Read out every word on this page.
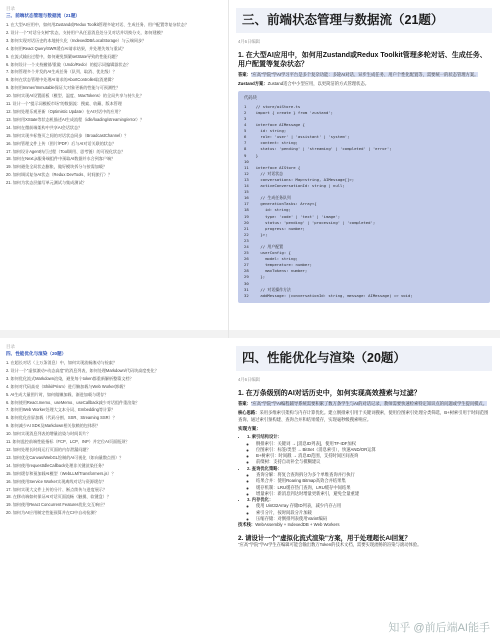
目录
三、前端状态管理与数据流（21题）
1. 在大型AI应用中，如何用Zustand或Redux Toolkit管理多轮对话、生成任务、用户配置等复杂状态？
2. 设计一个"对话分支树"状态，支持用户从任意消息处分叉对话并切换分支，如何建模？
3. 如何实现对话历史的本地持久化（IndexedDB/LocalStorage）与云端同步？
4. 如何用React Query/SWR缓存AI请求结果，并处理失效与重试？
5. 在流式输出过程中，如何避免频繁setState导致的性能问题？
6. 如何设计一个支持撤销/重做（Undo/Redo）的提示词编辑器状态？
7. 如何管理多个并发的AI生成任务（队列、取消、优先级）？
8. 如何在状态管理中处理AI请求的AbortController取消逻辑？
9. 如何用Immer/Immutable保证大对象更新的性能与可预测性？
10. 如何实现AI设置面板（模型、温度、MaxTokens）的全局共享与持久化？
11. 设计一个"提示词模板市场"的数据流：搜索、收藏、版本管理
12. 如何处理乐观更新（Optimistic Update）在AI对话中的应用？
13. 如何用XState等状态机描述AI生成流程（idle/loading/streaming/error）？
14. 如何在微前端架构中共享AI会话状态？
15. 如何实现多标签页之间的对话状态同步（BroadcastChannel）？
16. 如何管理文件上传（图片/PDF）后与AI对话关联的状态？
17. 如何设计Agent执行过程（Tool调用、思考链）的可视化状态？
18. 如何在Next.js服务端组件中预取AI数据并水合到客户端？
19. 如何避免全局状态膨胀，做好模块拆分与按需加载？
20. 如何调试复杂AI状态（Redux DevTools、时间旅行）？
21. 如何为状态层编写单元测试与集成测试？
三、前端状态管理与数据流（21题）
4月6日编辑
1. 在大型AI应用中，如何用Zustand或Redux Toolkit管理多轮对话、生成任务、用户配置等复杂状态？
答案："应高"学院"学AI学习平台是多个复杂功能：多轮AI对话、异步生成任务、用户个性化配置等，需要统一的状态管理方案。
Zustand方案：Zustand适合中小型应用，以更简洁的方式管理状态。
代码块
1    // store/aiStore.ts
2    import { create } from 'zustand';
3
4    interface AIMessage {
5      id: string;
6      role: 'user' | 'assistant' | 'system';
7      content: string;
8      status: 'pending' | 'streaming' | 'completed' | 'error';
9    }
10
11   interface AIStore {
12     // 对话状态
13     conversations: Map<string, AIMessage[]>;
14     activeConversationId: string | null;
15
16     // 生成任务队列
17     generationTasks: Array<{
18       id: string;
19       type: 'code' | 'text' | 'image';
20       status: 'pending' | 'processing' | 'completed';
21       progress: number;
22     }>;
23
24     // 用户配置
25     userConfig: {
26       model: string;
27       temperature: number;
28       maxTokens: number;
29     };
30
31     // 对话操作方法
32     addMessage: (conversationId: string, message: AIMessage) => void;
目录
四、性能优化与渲染（20题）
1. 在超长对话（上万条消息）中，如何实现流畅滚动与检索？
2. 设计一个"虚拟滚动+动态高度"的消息列表，如何处理Markdown/代码块高度变化？
3. 如何优化流式Markdown渲染，避免每个token都重新解析整篇文档？
4. 如何对代码高亮（Shiki/Prism）进行懒加载与Web Worker卸载？
5. AI生成大量图片时，如何做懒加载、渐进加载与缓存？
6. 如何使用React.memo、useMemo、useCallback减少对话组件重渲染？
7. 如何用Web Worker处理大文本分词、Embedding等计算？
8. 如何优化首屏加载（代码分割、SSR、Streaming SSR）？
9. 如何减少AI SDK及Markdown相关依赖的包体积？
10. 如何实现消息列表的增量渲染与时间切片？
11. 如何监控前端性能指标（FCP、LCP、INP）并定位AI页面瓶颈？
12. 如何处理长时间运行页面的内存泄漏问题？
13. 如何优化Canvas/WebGL绘制的AI可视化（如向量散点图）？
14. 如何使用requestIdleCallback处理非关键渲染任务？
15. 如何缓存和预加载AI模型（WebLLM/Transformers.js）？
16. 如何使用Service Worker实现离线对话与资源缓存？
17. 如何实现大文件上传的分片、断点续传与进度展示？
18. 在移动端如何保证AI对话页面流畅（触摸、软键盘）？
19. 如何使用React Concurrent Features优化交互响应？
20. 如何为AI应用制定性能预算并在CI中自动检测？
四、性能优化与渲染（20题）
4月6日编辑
1. 在万条级别的AI对话历史中，如何实现高效搜索与过滤？
答案："应高"学院"学AI编程辅导系统需要积累了数万条学生与AI的对话记录，教师需要快速检索特定知识点的问题或学生提问模式。
核心思路：采用多维索引架构与内存计算优化。建立倒排索引用于关键词搜索，使用位图索引处理分类筛选，B+树索引用于时间范围查询。通过索引预构建、查询合并和结果缓存，实现毫秒级搜索响应。
实现方案：
• 1. 索引结构设计：
◦ 倒排索引：关键词 → [消息ID列表]，使用TF-IDF加权
◦ 位图索引：标签/类型 → BitSet（消息索引），快速AND/OR运算
◦ B+树索引：时间戳 → 消息ID范围，支持时间区间查询
◦ 前缀树：支持自动补全与模糊建议
• 2. 查询优化策略：
◦ 查询分解：将复合查询拆分为多个单维查询并行执行
◦ 结果合并：使用Roaring Bitmap高效合并结果集
◦ 缓存机制：LRU缓存热门查询，LRU缓存中间结果
◦ 增量索引：新消息到达时增量更新索引，避免全量重建
• 3. 内存优化：
◦ 使用 Uint32Array 存储ID列表，减少内存占用
◦ 索引分片，按时间段分片加载
◦ 压缩存储：对倒排列表使用Varint编码
技术栈：WebAssembly + IndexedDB + Web Workers
2. 请设计一个"虚拟化流式渲染"方案，用于处理超长AI回复？
"应高"学院"学AI学生在编辑可能会输出数万Token的技术文档，需要实现流畅的渲染与滚动体验。
知乎 @前后端AI能手
